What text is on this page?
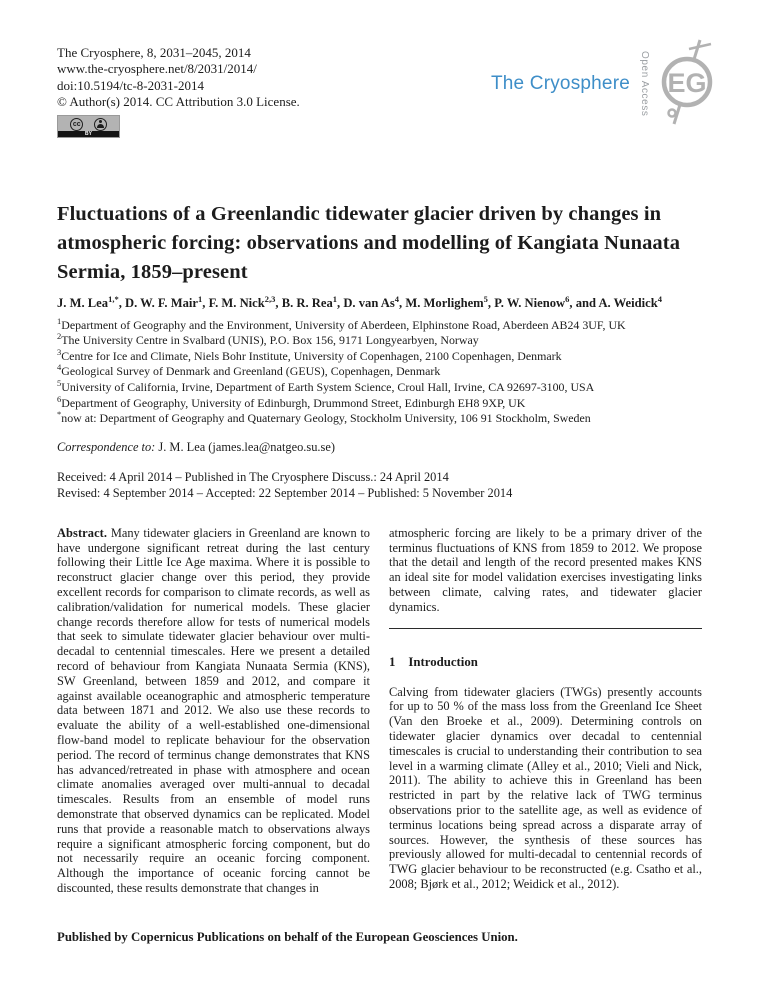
The Cryosphere, 8, 2031–2045, 2014
www.the-cryosphere.net/8/2031/2014/
doi:10.5194/tc-8-2031-2014
© Author(s) 2014. CC Attribution 3.0 License.
cc
BY
The Cryosphere Open Access EG
Fluctuations of a Greenlandic tidewater glacier driven by changes in atmospheric forcing: observations and modelling of Kangiata Nunaata Sermia, 1859–present
J. M. Lea$^{1,*}$, D. W. F. Mair$^1$, F. M. Nick$^{2,3}$, B. R. Rea$^1$, D. van As$^4$, M. Morlighem$^5$, P. W. Nienow$^6$, and A. Weidick$^4$
$^1$Department of Geography and the Environment, University of Aberdeen, Elphinstone Road, Aberdeen AB24 3UF, UK
$^2$The University Centre in Svalbard (UNIS), P.O. Box 156, 9171 Longyearbyen, Norway
$^3$Centre for Ice and Climate, Niels Bohr Institute, University of Copenhagen, 2100 Copenhagen, Denmark
$^4$Geological Survey of Denmark and Greenland (GEUS), Copenhagen, Denmark
$^5$University of California, Irvine, Department of Earth System Science, Croul Hall, Irvine, CA 92697-3100, USA
$^6$Department of Geography, University of Edinburgh, Drummond Street, Edinburgh EH8 9XP, UK
*now at: Department of Geography and Quaternary Geology, Stockholm University, 106 91 Stockholm, Sweden
Correspondence to: J. M. Lea (james.lea@natgeo.su.se)
Received: 4 April 2014 – Published in The Cryosphere Discuss.: 24 April 2014
Revised: 4 September 2014 – Accepted: 22 September 2014 – Published: 5 November 2014

Abstract. Many tidewater glaciers in Greenland are known to have undergone significant retreat during the last century following their Little Ice Age maxima. Where it is possible to reconstruct glacier change over this period, they provide excellent records for comparison to climate records, as well as calibration/validation for numerical models. These glacier change records therefore allow for tests of numerical models that seek to simulate tidewater glacier behaviour over multi-decadal to centennial timescales. Here we present a detailed record of behaviour from Kangiata Nunaata Sermia (KNS), SW Greenland, between 1859 and 2012, and compare it against available oceanographic and atmospheric temperature data between 1871 and 2012. We also use these records to evaluate the ability of a well-established one-dimensional flow-band model to replicate behaviour for the observation period. The record of terminus change demonstrates that KNS has advanced/retreated in phase with atmosphere and ocean climate anomalies averaged over multi-annual to decadal timescales. Results from an ensemble of model runs demonstrate that observed dynamics can be replicated. Model runs that provide a reasonable match to observations always require a significant atmospheric forcing component, but do not necessarily require an oceanic forcing component. Although the importance of oceanic forcing cannot be discounted, these results demonstrate that changes in

atmospheric forcing are likely to be a primary driver of the terminus fluctuations of KNS from 1859 to 2012. We propose that the detail and length of the record presented makes KNS an ideal site for model validation exercises investigating links between climate, calving rates, and tidewater glacier dynamics.

1 Introduction

Calving from tidewater glaciers (TWGs) presently accounts for up to 50 % of the mass loss from the Greenland Ice Sheet (Van den Broeke et al., 2009). Determining controls on tidewater glacier dynamics over decadal to centennial timescales is crucial to understanding their contribution to sea level in a warming climate (Alley et al., 2010; Vieli and Nick, 2011). The ability to achieve this in Greenland has been restricted in part by the relative lack of TWG terminus observations prior to the satellite age, as well as evidence of terminus locations being spread across a disparate array of sources. However, the synthesis of these sources has previously allowed for multi-decadal to centennial records of TWG glacier behaviour to be reconstructed (e.g. Csatho et al., 2008; Bjørk et al., 2012; Weidick et al., 2012).

Published by Copernicus Publications on behalf of the European Geosciences Union.
